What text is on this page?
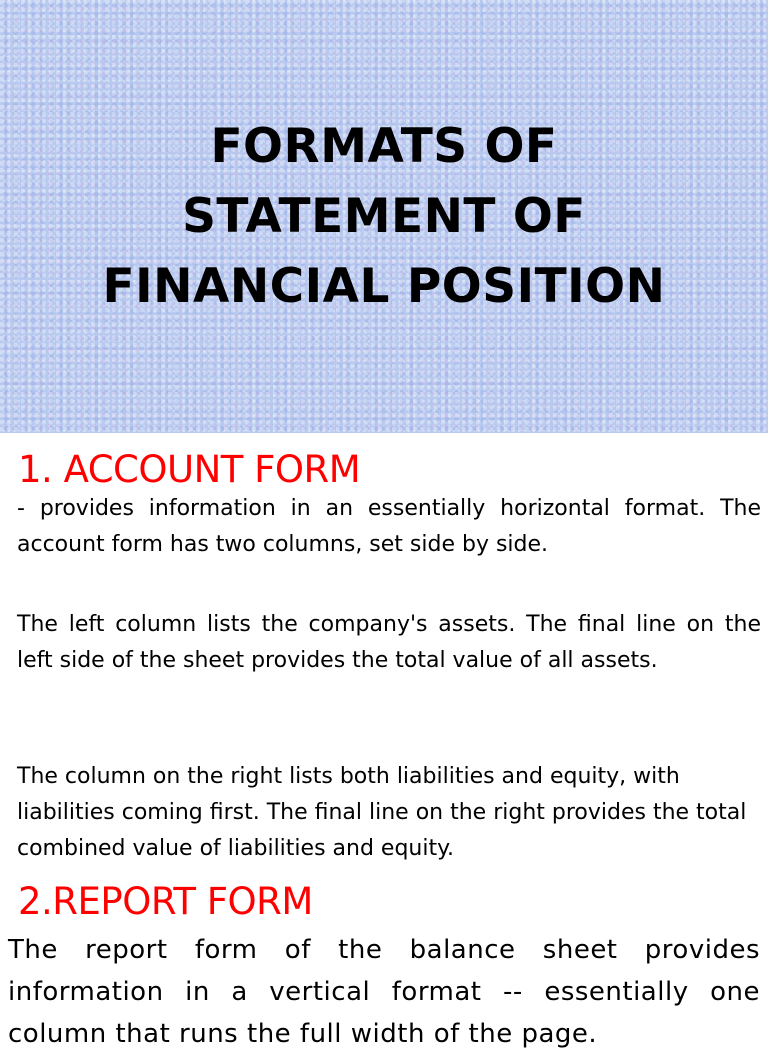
FORMATS OF
STATEMENT OF
FINANCIAL POSITION
1. ACCOUNT FORM

- provides information in an essentially horizontal format. The account form has two columns, set side by side.

The left column lists the company's assets. The final line on the left side of the sheet provides the total value of all assets.

The column on the right lists both liabilities and equity, with liabilities coming first. The final line on the right provides the total combined value of liabilities and equity.

2.REPORT FORM

The report form of the balance sheet provides information in a vertical format -- essentially one column that runs the full width of the page.
